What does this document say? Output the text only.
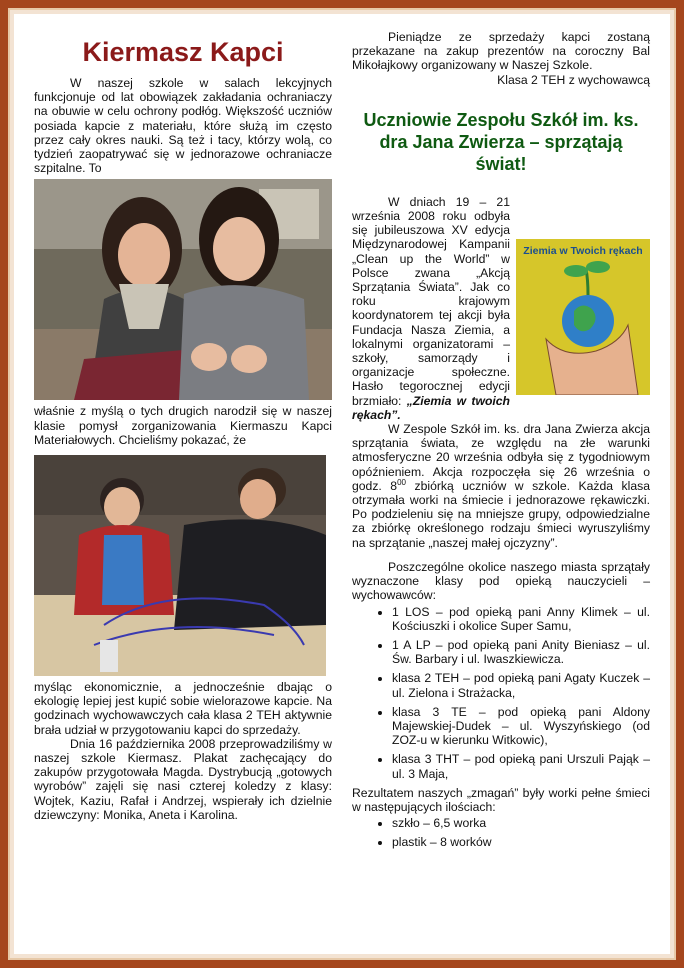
Kiermasz Kapci

W naszej szkole w salach lekcyjnych funkcjonuje od lat obowiązek zakładania ochraniaczy na obuwie w celu ochrony podłóg. Większość uczniów posiada kapcie z materiału, które służą im często przez cały okres nauki. Są też i tacy, którzy wolą, co tydzień zaopatrywać się w jednorazowe ochraniacze szpitalne. To

właśnie z myślą o tych drugich narodził się w naszej klasie pomysł zorganizowania Kiermaszu Kapci Materiałowych. Chcieliśmy pokazać, że

myśląc ekonomicznie, a jednocześnie dbając o ekologię lepiej jest kupić sobie wielorazowe kapcie. Na godzinach wychowawczych cała klasa 2 TEH aktywnie brała udział w przygotowaniu kapci do sprzedaży.

Dnia 16 października 2008 przeprowadziliśmy w naszej szkole Kiermasz. Plakat zachęcający do zakupów przygotowała Magda. Dystrybucją „gotowych wyrobów” zajęli się nasi czterej koledzy z klasy: Wojtek, Kaziu, Rafał i Andrzej, wspierały ich dzielnie dziewczyny: Monika, Aneta i Karolina.

Pieniądze ze sprzedaży kapci zostaną przekazane na zakup prezentów na coroczny Bal Mikołajkowy organizowany w Naszej Szkole.

Klasa 2 TEH z wychowawcą

Uczniowie Zespołu Szkół im. ks. dra Jana Zwierza – sprzątają świat!
Ziemia w Twoich rękach

W dniach 19 – 21 września 2008 roku odbyła się jubileuszowa XV edycja Międzynarodowej Kampanii „Clean up the World” w Polsce zwana „Akcją Sprzątania Świata”. Jak co roku krajowym koordynatorem tej akcji była Fundacja Nasza Ziemia, a lokalnymi organizatorami – szkoły, samorządy i organizacje społeczne. Hasło tegorocznej edycji brzmiało: „Ziemia w twoich rękach”.

W Zespole Szkół im. ks. dra Jana Zwierza akcja sprzątania świata, ze względu na złe warunki atmosferyczne 20 września odbyła się z tygodniowym opóźnieniem. Akcja rozpoczęła się 26 września o godz. $8^{00}$ zbiórką uczniów w szkole. Każda klasa otrzymała worki na śmiecie i jednorazowe rękawiczki. Po podzieleniu się na mniejsze grupy, odpowiedzialne za zbiórkę określonego rodzaju śmieci wyruszyliśmy na sprzątanie „naszej małej ojczyzny”.

Poszczególne okolice naszego miasta sprzątały wyznaczone klasy pod opieką nauczycieli – wychowawców:

• 1 LOS – pod opieką pani Anny Klimek – ul. Kościuszki i okolice Super Samu,
• 1 A LP – pod opieką pani Anity Bieniasz – ul. Św. Barbary i ul. Iwaszkiewicza.
• klasa 2 TEH – pod opieką pani Agaty Kuczek – ul. Zielona i Strażacka,
• klasa 3 TE – pod opieką pani Aldony Majewskiej-Dudek – ul. Wyszyńskiego (od ZOZ-u w kierunku Witkowic),
• klasa 3 THT – pod opieką pani Urszuli Pająk – ul. 3 Maja,

Rezultatem naszych „zmagań” były worki pełne śmieci w następujących ilościach:

• szkło – 6,5 worka
• plastik – 8 worków
